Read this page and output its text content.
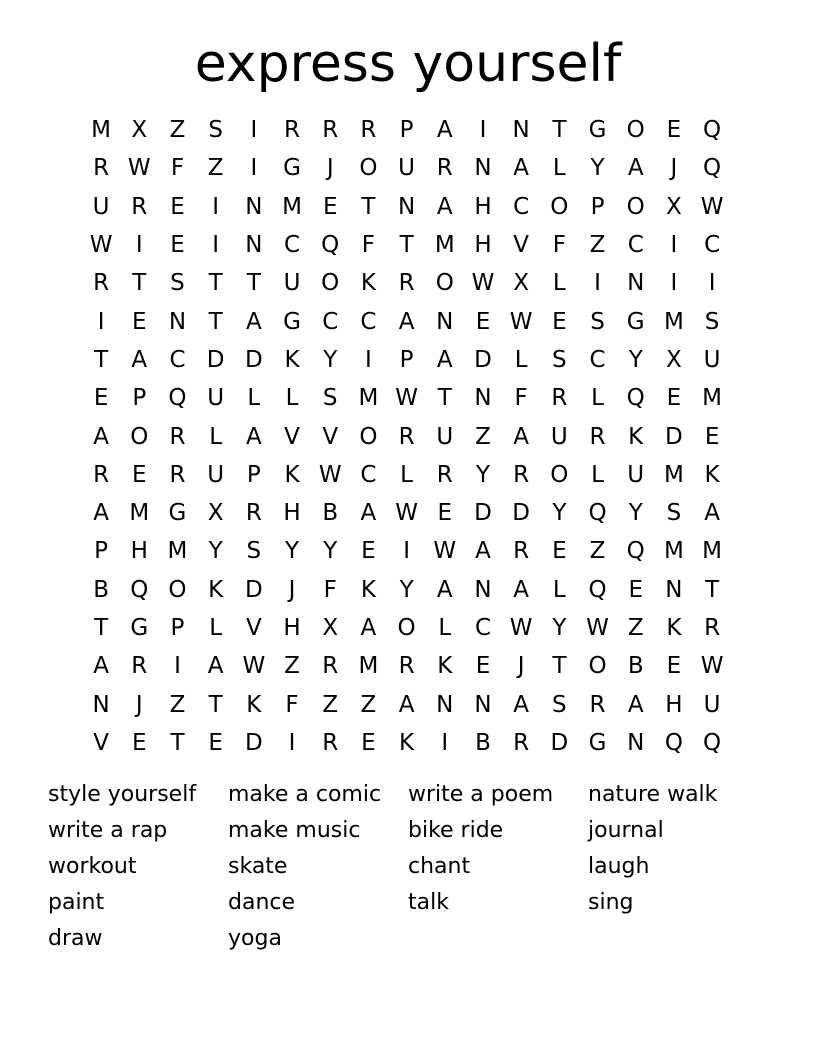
express yourself
M X Z	S	I	R R R	P	A	I	N T G O E Q
R W F	Z	I	G	J	O U R N A	L	Y	A	J	Q
U R E	I	N M E	T N A H C O P O X W
W	I	E	I	N C Q F	T M H V	F	Z C	I	C
R	T	S	T	T U O K R O W X	L	I	N	I	I
I	E N T	A G C C A N E W E	S G M S
T	A C D D K	Y	I	P	A D L	S C	Y	X U
E	P Q U	L	L	S M W T N F	R	L Q E M
A O R	L	A V V O R U Z A U R K D E
R E R U P	K W C	L	R	Y	R O L	U M K
A M G X R H B A W E D D Y Q Y	S	A
P H M Y	S	Y	Y	E	I	W A R E	Z Q M M
B Q O K D	J	F	K	Y	A N A	L Q E N T
T G P	L	V H X A O L	C W Y W Z K R
A R	I	A W Z R M R K	E	J	T O B	E W
N	J	Z	T	K	F	Z Z A N N A	S R A H U
V	E	T	E D	I	R E	K	I	B R D G N Q Q
style yourself	make a comic	write a poem	nature walk
write a rap	make music	bike ride	journal
workout	skate	chant	laugh
paint	dance	talk	sing
draw	yoga
